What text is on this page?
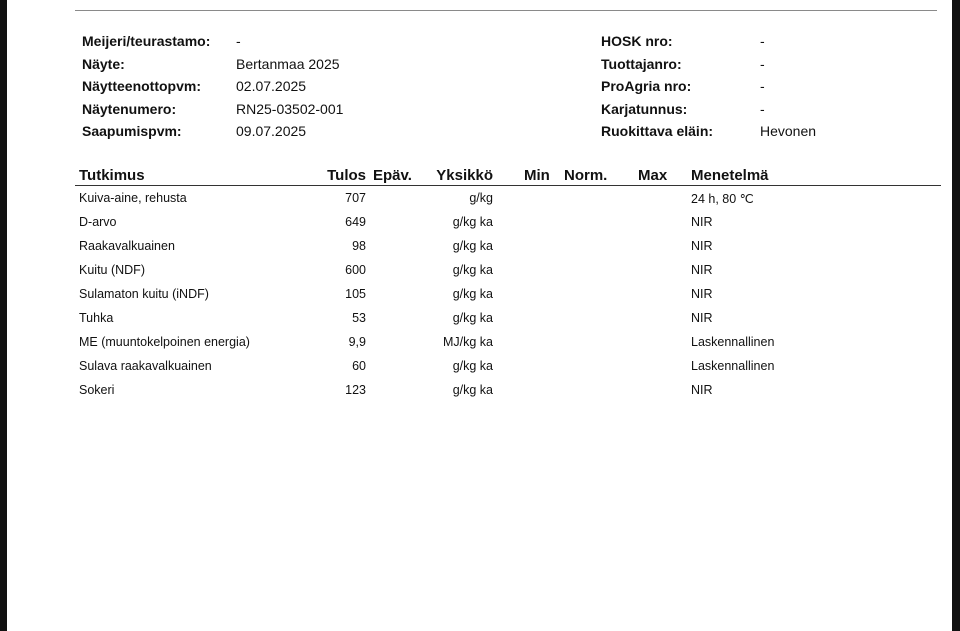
Meijeri/teurastamo:	-
Näyte:	Bertanmaa 2025
Näytteenottopvm:	02.07.2025
Näytenumero:	RN25-03502-001
Saapumispvm:	09.07.2025
HOSK nro:	-
Tuottajanro:	-
ProAgria nro:	-
Karjatunnus:	-
Ruokittava eläin:	Hevonen
Tutkimus	Tulos Epäv. Yksikkö Min Norm. Max Menetelmä
Kuiva-aine, rehusta	707	g/kg	24 h, 80 ℃
D-arvo	649	g/kg ka	NIR
Raakavalkuainen	98	g/kg ka	NIR
Kuitu (NDF)	600	g/kg ka	NIR
Sulamaton kuitu (iNDF)	105	g/kg ka	NIR
Tuhka	53	g/kg ka	NIR
ME (muuntokelpoinen energia)	9,9	MJ/kg ka	Laskennallinen
Sulava raakavalkuainen	60	g/kg ka	Laskennallinen
Sokeri	123	g/kg ka	NIR
